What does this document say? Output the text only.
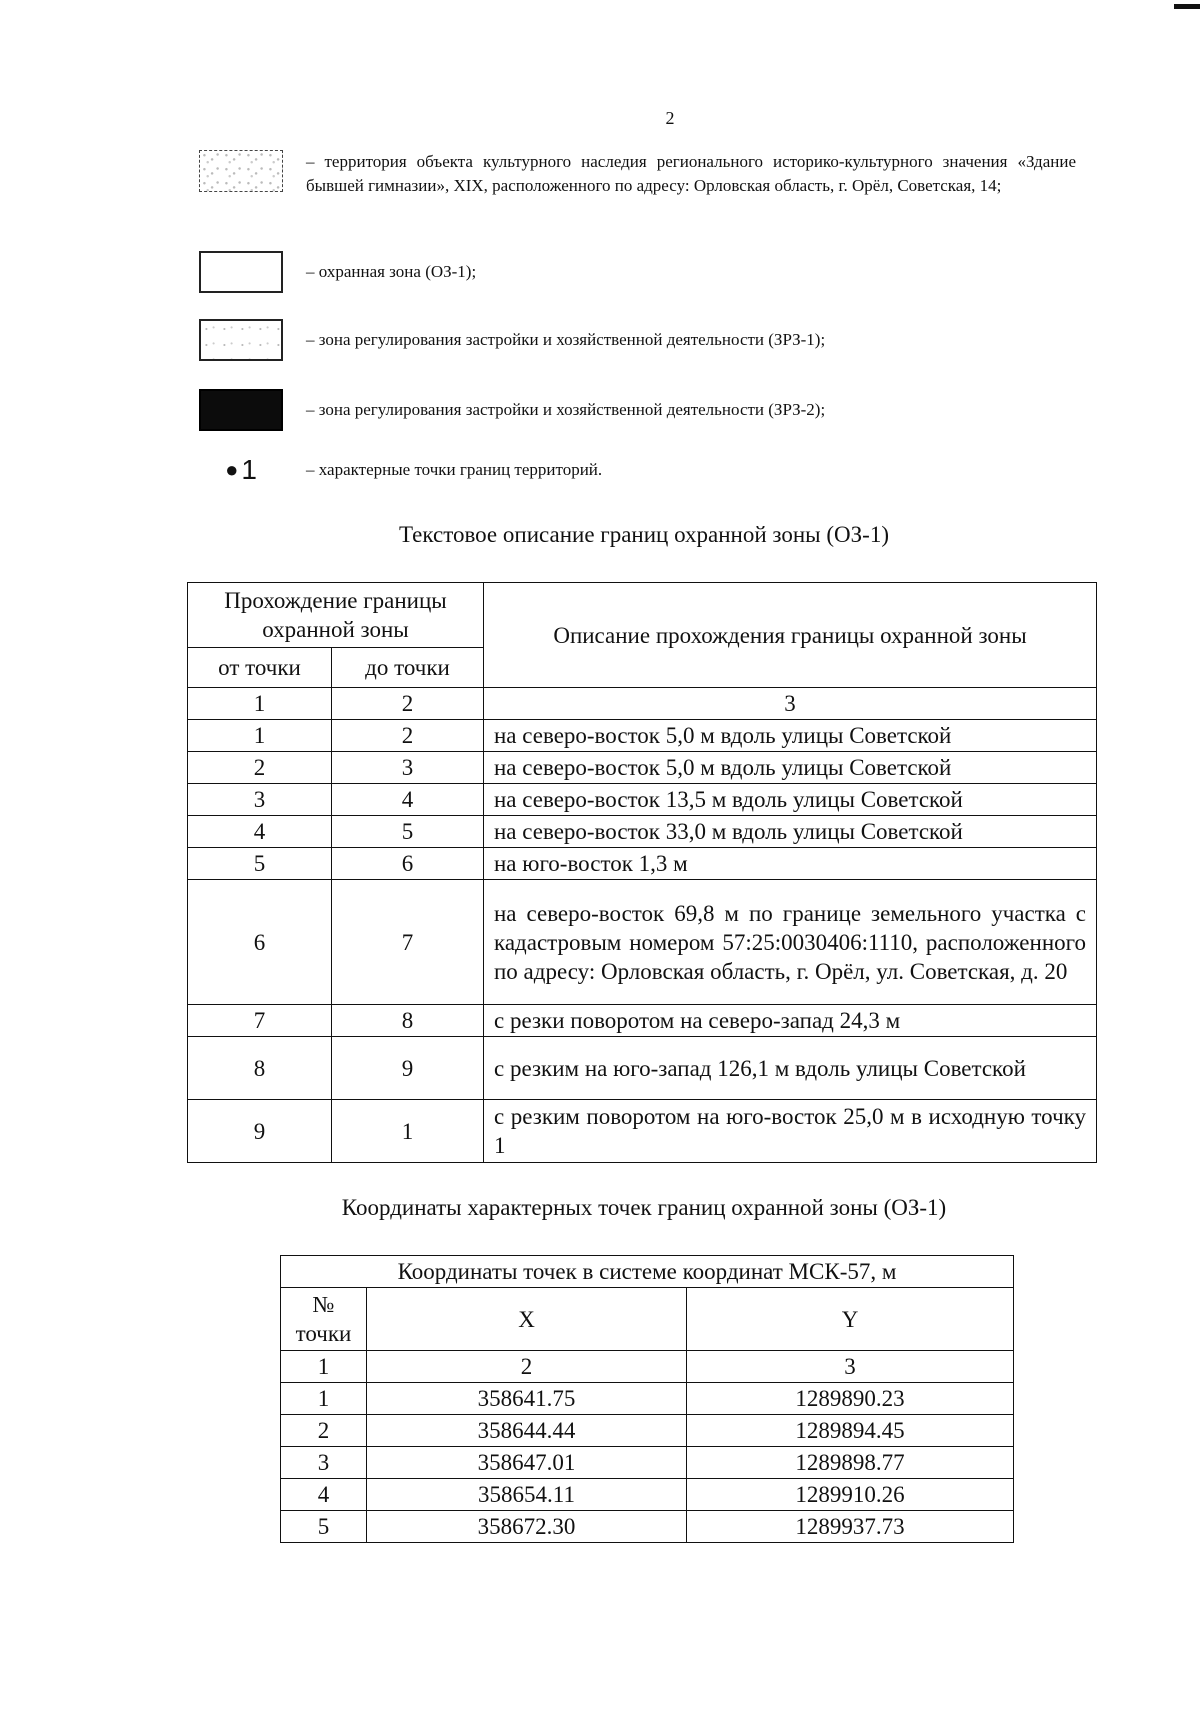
2
– территория объекта культурного наследия регионального историко-культурного значения «Здание бывшей гимназии», XIX, расположенного по адресу: Орловская область, г. Орёл, Советская, 14;
– охранная зона (ОЗ-1);
– зона регулирования застройки и хозяйственной деятельности (ЗРЗ-1);
– зона регулирования застройки и хозяйственной деятельности (ЗРЗ-2);
● 1	– характерные точки границ территорий.
Текстовое описание границ охранной зоны (ОЗ-1)
Прохождение границы охранной зоны		Описание прохождения границы охранной зоны
от точки	до точки	
1	2	3
1	2	на северо-восток 5,0 м вдоль улицы Советской
2	3	на северо-восток 5,0 м вдоль улицы Советской
3	4	на северо-восток 13,5 м вдоль улицы Советской
4	5	на северо-восток 33,0 м вдоль улицы Советской
5	6	на юго-восток 1,3 м
6	7	на северо-восток 69,8 м по границе земельного участка с кадастровым номером 57:25:0030406:1110, расположенного по адресу: Орловская область, г. Орёл, ул. Советская, д. 20
7	8	с резки поворотом на северо-запад 24,3 м
8	9	с резким на юго-запад 126,1 м вдоль улицы Советской
9	1	с резким поворотом на юго-восток 25,0 м в исходную точку 1
Координаты характерных точек границ охранной зоны (ОЗ-1)
Координаты точек в системе координат МСК-57, м		
№ точки	X	Y
1	2	3
1	358641.75	1289890.23
2	358644.44	1289894.45
3	358647.01	1289898.77
4	358654.11	1289910.26
5	358672.30	1289937.73
